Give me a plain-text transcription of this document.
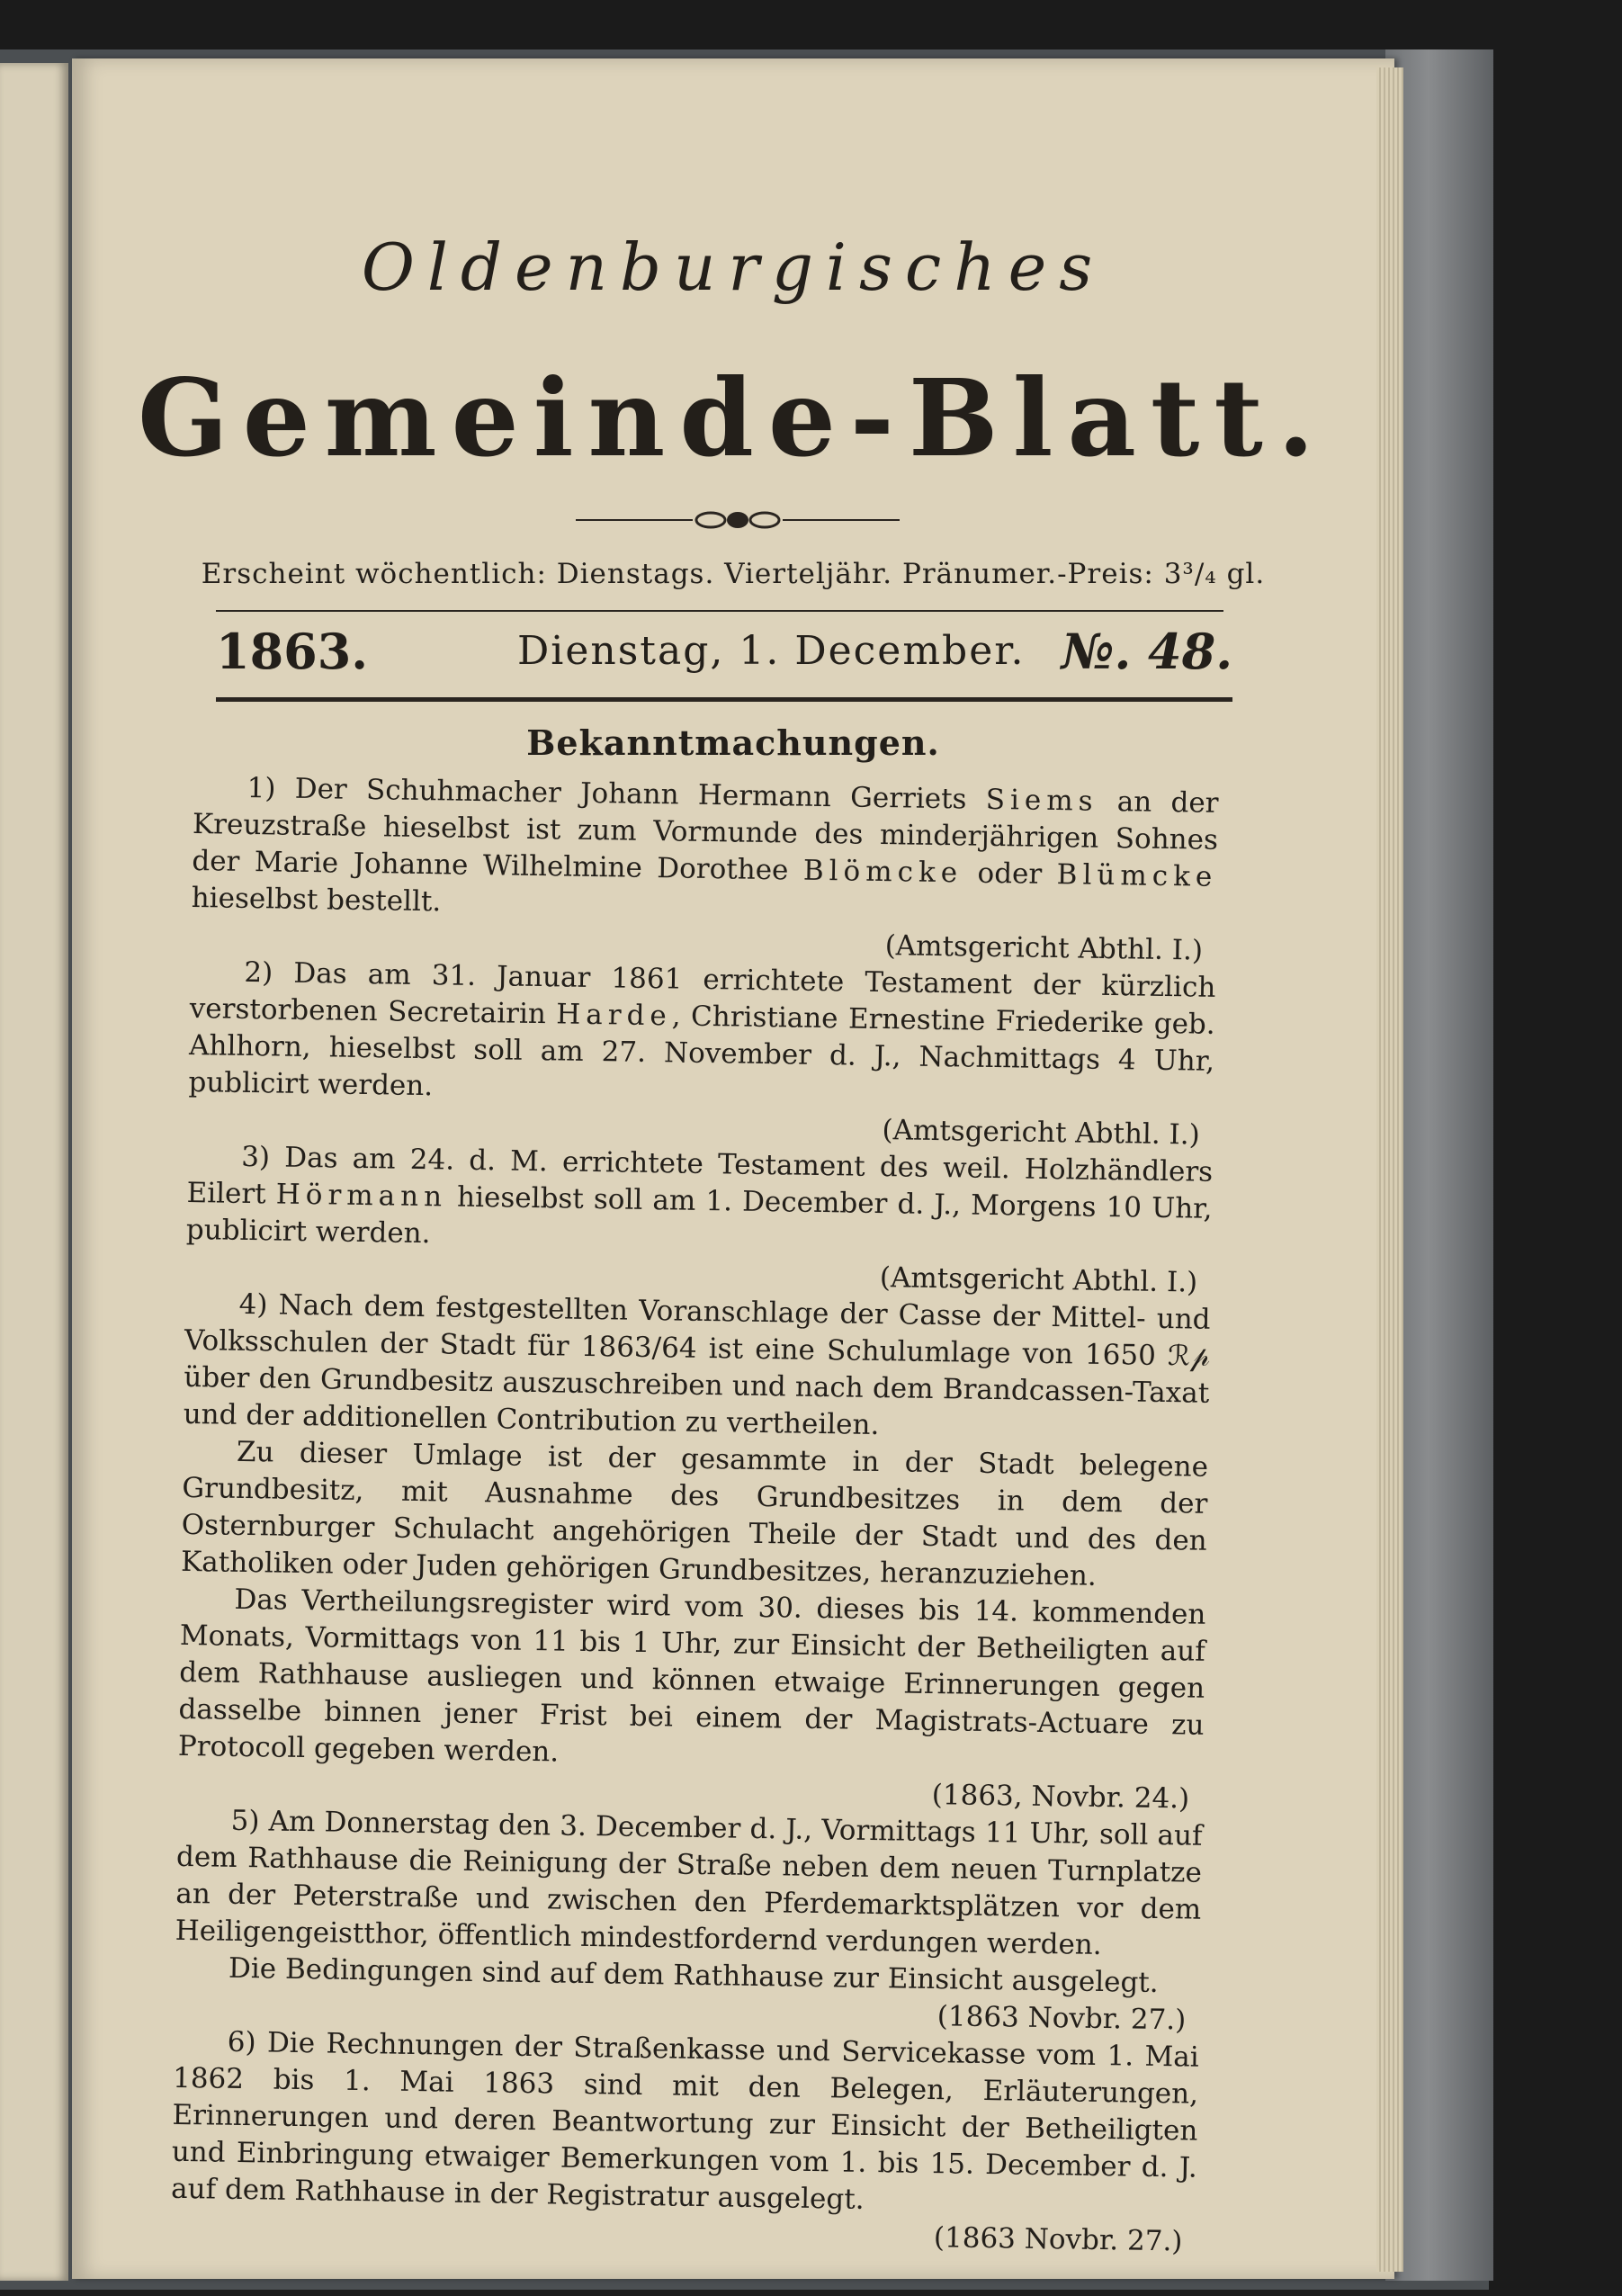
Oldenburgisches
Gemeinde-Blatt.
Erscheint wöchentlich: Dienstags. Vierteljähr. Pränumer.-Preis: 3³/₄ gl.
1863.	Dienstag, 1. December. №. 48.
Bekanntmachungen.

1) Der Schuhmacher Johann Hermann Gerriets Siems an der Kreuzstraße hieselbst ist zum Vormunde des minderjährigen Sohnes der Marie Johanne Wilhelmine Dorothee Blömcke oder Blümcke hieselbst bestellt.

(Amtsgericht Abthl. I.)

2) Das am 31. Januar 1861 errichtete Testament der kürzlich verstorbenen Secretairin Harde, Christiane Ernestine Friederike geb. Ahlhorn, hieselbst soll am 27. November d. J., Nachmittags 4 Uhr, publicirt werden.

(Amtsgericht Abthl. I.)

3) Das am 24. d. M. errichtete Testament des weil. Holzhändlers Eilert Hörmann hieselbst soll am 1. December d. J., Morgens 10 Uhr, publicirt werden.

(Amtsgericht Abthl. I.)

4) Nach dem festgestellten Voranschlage der Casse der Mittel- und Volksschulen der Stadt für 1863/64 ist eine Schulumlage von 1650 ℛ𝓅 über den Grundbesitz auszuschreiben und nach dem Brandcassen-Taxat und der additionellen Contribution zu vertheilen.

Zu dieser Umlage ist der gesammte in der Stadt belegene Grundbesitz, mit Ausnahme des Grundbesitzes in dem der Osternburger Schulacht angehörigen Theile der Stadt und des den Katholiken oder Juden gehörigen Grundbesitzes, heranzuziehen.

Das Vertheilungsregister wird vom 30. dieses bis 14. kommenden Monats, Vormittags von 11 bis 1 Uhr, zur Einsicht der Betheiligten auf dem Rathhause ausliegen und können etwaige Erinnerungen gegen dasselbe binnen jener Frist bei einem der Magistrats-Actuare zu Protocoll gegeben werden.

(1863, Novbr. 24.)

5) Am Donnerstag den 3. December d. J., Vormittags 11 Uhr, soll auf dem Rathhause die Reinigung der Straße neben dem neuen Turnplatze an der Peterstraße und zwischen den Pferdemarktsplätzen vor dem Heiligengeistthor, öffentlich mindestfordernd verdungen werden.

Die Bedingungen sind auf dem Rathhause zur Einsicht ausgelegt.

(1863 Novbr. 27.)

6) Die Rechnungen der Straßenkasse und Servicekasse vom 1. Mai 1862 bis 1. Mai 1863 sind mit den Belegen, Erläuterungen, Erinnerungen und deren Beantwortung zur Einsicht der Betheiligten und Einbringung etwaiger Bemerkungen vom 1. bis 15. December d. J. auf dem Rathhause in der Registratur ausgelegt.

(1863 Novbr. 27.)
